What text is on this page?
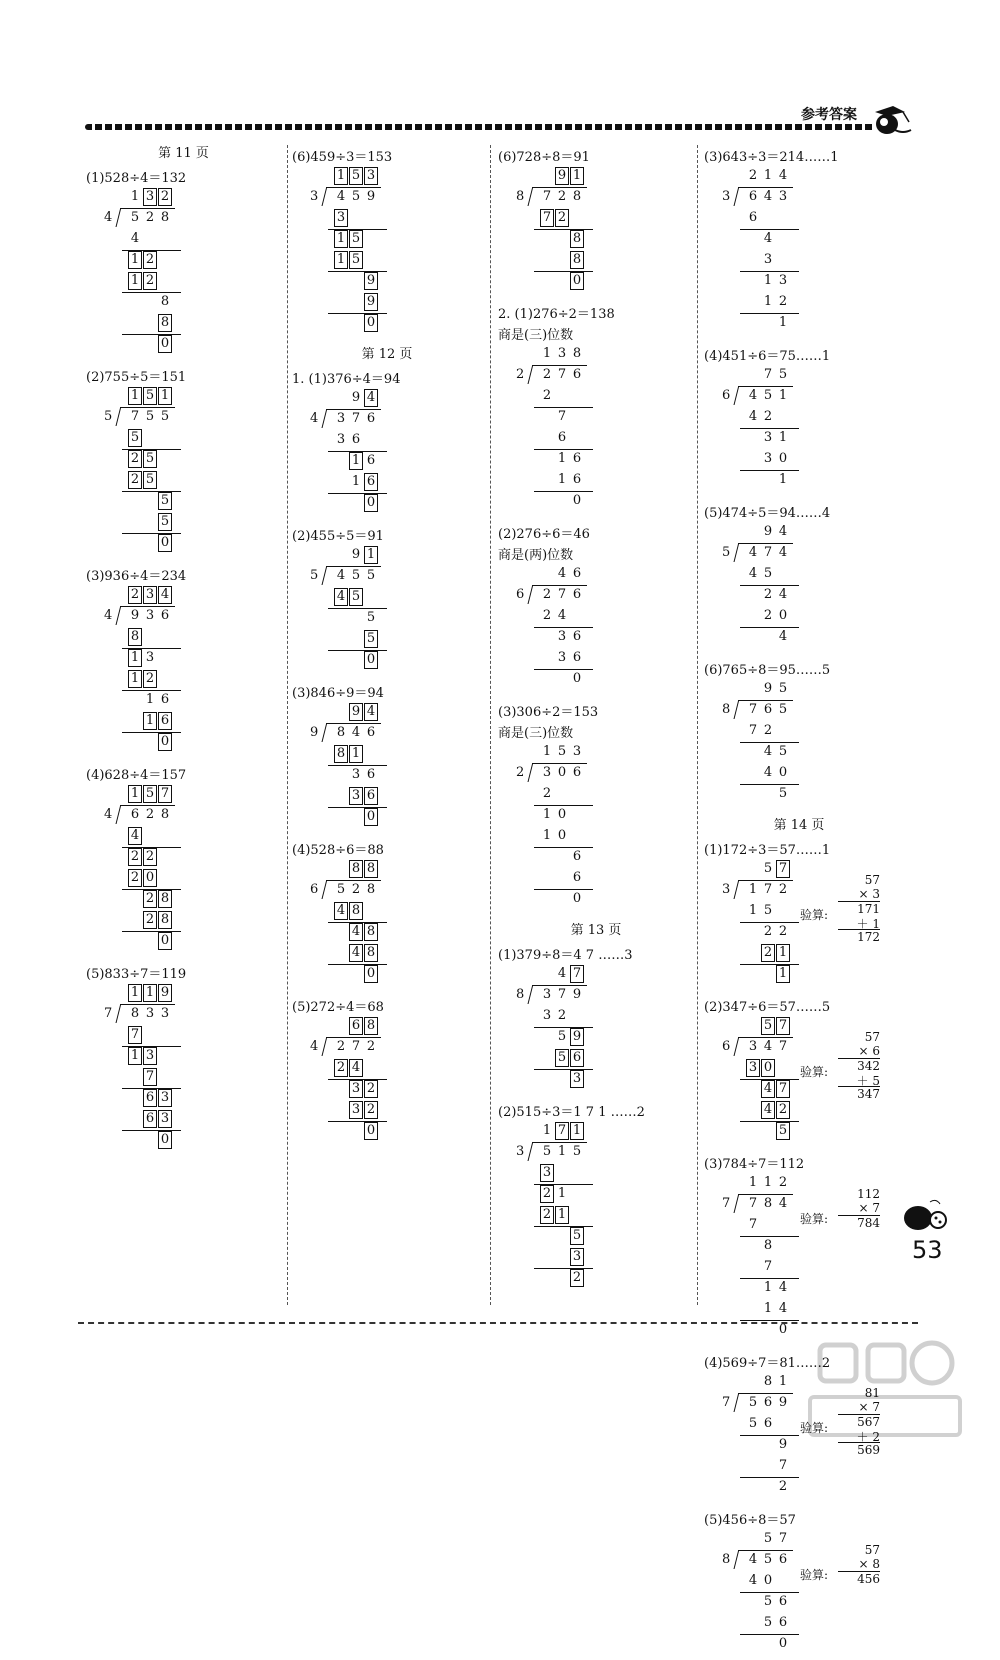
参考答案
第 11 页
(1)528÷4＝132
1 3 2
4 5 2 8
4
1 2
1 2
8
8
0
(2)755÷5＝151
1 5 1
5 7 5 5
5
2 5
2 5
5
5
0
(3)936÷4＝234
2 3 4
4 9 3 6
8
1 3
1 2
1 6
1 6
0
(4)628÷4＝157
1 5 7
4 6 2 8
4
2 2
2 0
2 8
2 8
0
(5)833÷7＝119
1 1 9
7 8 3 3
7
1 3
7
6 3
6 3
0
(6)459÷3＝153
1 5 3
3 4 5 9
3
1 5
1 5
9
9
0
第 12 页
1. (1)376÷4＝94
9 4
4 3 7 6
3 6
1 6
1 6
0
(2)455÷5＝91
9 1
5 4 5 5
4 5
5
5
0
(3)846÷9＝94
9 4
9 8 4 6
8 1
3 6
3 6
0
(4)528÷6＝88
8 8
6 5 2 8
4 8
4 8
4 8
0
(5)272÷4＝68
6 8
4 2 7 2
2 4
3 2
3 2
0
(6)728÷8＝91
9 1
8 7 2 8
7 2
8
8
0
2. (1)276÷2＝138
商是(三)位数
1 3 8
2 2 7 6
2
7
6
1 6
1 6
0
(2)276÷6＝46
商是(两)位数
4 6
6 2 7 6
2 4
3 6
3 6
0
(3)306÷2＝153
商是(三)位数
1 5 3
2 3 0 6
2
1 0
1 0
6
6
0
第 13 页
(1)379÷8＝4 7 ……3
4 7
8 3 7 9
3 2
5 9
5 6
3
(2)515÷3＝1 7 1 ……2
1 7 1
3 5 1 5
3
2 1
2 1
5
3
2
(3)643÷3＝214……1
2 1 4
3 6 4 3
6
4
3
1 3
1 2
1
(4)451÷6＝75……1
7 5
6 4 5 1
4 2
3 1
3 0
1
(5)474÷5＝94……4
9 4
5 4 7 4
4 5
2 4
2 0
4
(6)765÷8＝95……5
9 5
8 7 6 5
7 2
4 5
4 0
5
第 14 页
(1)172÷3＝57……1
5 7
3 1 7 2
1 5
2 2
2 1
1
验算:
57
× 3
171
＋ 1
172
(2)347÷6＝57……5
5 7
6 3 4 7
3 0
4 7
4 2
5
验算:
57
× 6
342
＋ 5
347
(3)784÷7＝112
1 1 2
7 7 8 4
7
8
7
1 4
1 4
0
验算:
112
× 7
784
(4)569÷7＝81……2
8 1
7 5 6 9
5 6
9
7
2
验算:
81
× 7
567
＋ 2
569
(5)456÷8＝57
5 7
8 4 5 6
4 0
5 6
5 6
0
验算:
57
× 8
456
53
